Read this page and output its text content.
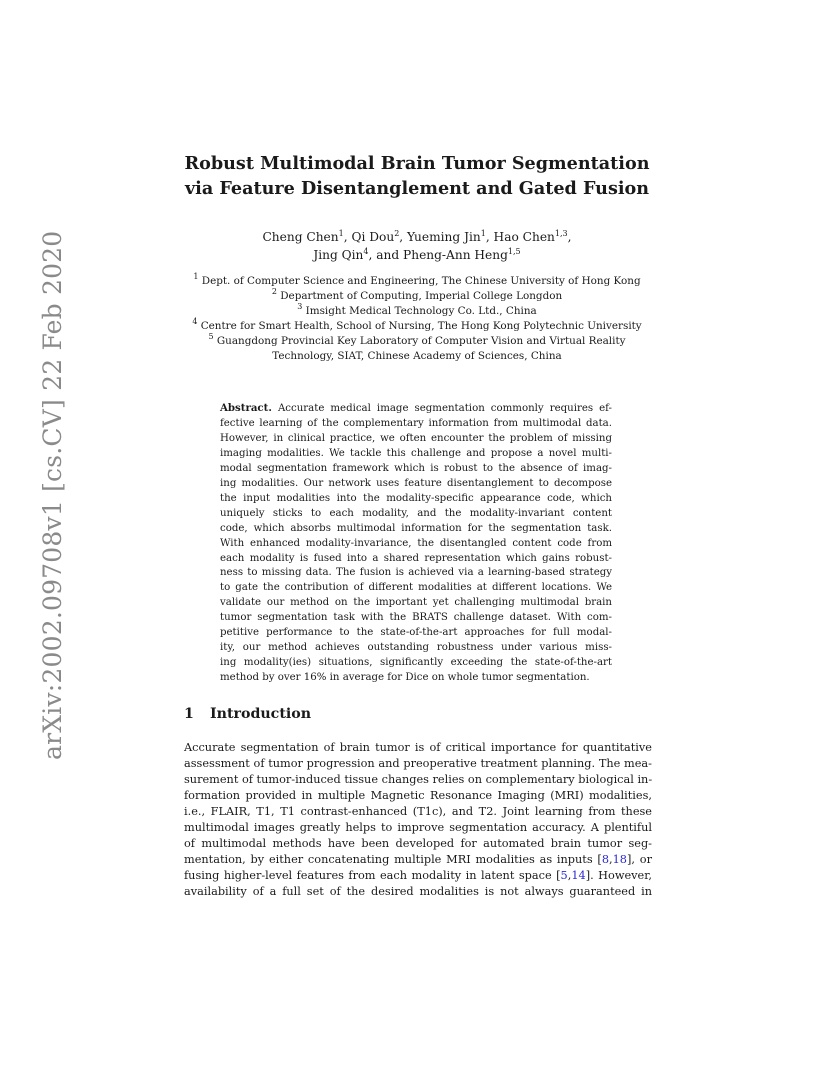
arXiv:2002.09708v1 [cs.CV] 22 Feb 2020
Robust Multimodal Brain Tumor Segmentation
via Feature Disentanglement and Gated Fusion
Cheng Chen$^1$, Qi Dou$^2$, Yueming Jin$^1$, Hao Chen$^{1,3}$,
Jing Qin$^4$, and Pheng-Ann Heng$^{1,5}$
$^1$ Dept. of Computer Science and Engineering, The Chinese University of Hong Kong
$^2$ Department of Computing, Imperial College Longdon
$^3$ Imsight Medical Technology Co. Ltd., China
$^4$ Centre for Smart Health, School of Nursing, The Hong Kong Polytechnic University
$^5$ Guangdong Provincial Key Laboratory of Computer Vision and Virtual Reality
Technology, SIAT, Chinese Academy of Sciences, China
Abstract. Accurate medical image segmentation commonly requires ef-
fective learning of the complementary information from multimodal data.
However, in clinical practice, we often encounter the problem of missing
imaging modalities. We tackle this challenge and propose a novel multi-
modal segmentation framework which is robust to the absence of imag-
ing modalities. Our network uses feature disentanglement to decompose
the input modalities into the modality-specific appearance code, which
uniquely sticks to each modality, and the modality-invariant content
code, which absorbs multimodal information for the segmentation task.
With enhanced modality-invariance, the disentangled content code from
each modality is fused into a shared representation which gains robust-
ness to missing data. The fusion is achieved via a learning-based strategy
to gate the contribution of different modalities at different locations. We
validate our method on the important yet challenging multimodal brain
tumor segmentation task with the BRATS challenge dataset. With com-
petitive performance to the state-of-the-art approaches for full modal-
ity, our method achieves outstanding robustness under various miss-
ing modality(ies) situations, significantly exceeding the state-of-the-art
method by over 16% in average for Dice on whole tumor segmentation.
1 Introduction
Accurate segmentation of brain tumor is of critical importance for quantitative
assessment of tumor progression and preoperative treatment planning. The mea-
surement of tumor-induced tissue changes relies on complementary biological in-
formation provided in multiple Magnetic Resonance Imaging (MRI) modalities,
i.e., FLAIR, T1, T1 contrast-enhanced (T1c), and T2. Joint learning from these
multimodal images greatly helps to improve segmentation accuracy. A plentiful
of multimodal methods have been developed for automated brain tumor seg-
mentation, by either concatenating multiple MRI modalities as inputs [8,18], or
fusing higher-level features from each modality in latent space [5,14]. However,
availability of a full set of the desired modalities is not always guaranteed in
